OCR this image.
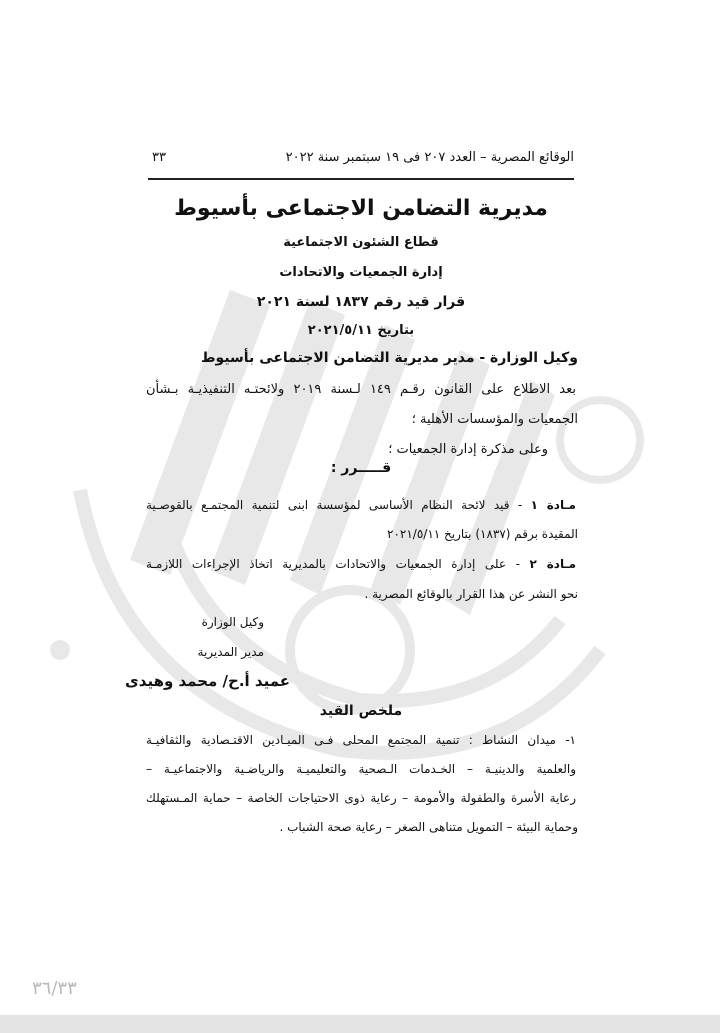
الوقائع المصرية – العدد ٢٠٧ فى ١٩ سبتمبر سنة ٢٠٢٢
٣٣
مديرية التضامن الاجتماعى بأسيوط
قطاع الشئون الاجتماعية
إدارة الجمعيات والاتحادات
قرار قيد رقم ١٨٣٧ لسنة ٢٠٢١
بتاريخ ٢٠٢١/٥/١١
وكيل الوزارة - مدير مديرية التضامن الاجتماعى بأسيوط
بعد الاطلاع على القانون رقـم ١٤٩ لـسنة ٢٠١٩ ولائحتـه التنفيذيـة بـشأن
الجمعيات والمؤسسات الأهلية ؛
وعلى مذكرة إدارة الجمعيات ؛
قـــــرر :
مـادة ١ - قيد لائحة النظام الأساسى لمؤسسة ابنى لتنمية المجتمـع بالقوصـية
المقيدة برقم (١٨٣٧) بتاريخ ٢٠٢١/٥/١١
مـادة ٢ - على إدارة الجمعيات والاتحادات بالمديرية اتخاذ الإجراءات اللازمـة
نحو النشر عن هذا القرار بالوقائع المصرية .
وكيل الوزارة
مدير المديرية
عميد أ.ح/ محمد وهيدى
ملخص القيد
١- ميدان النشاط : تنمية المجتمع المحلى فـى الميـادين الاقتـصادية والثقافيـة
والعلمية والدينيـة – الخـدمات الـصحية والتعليميـة والرياضـية والاجتماعيـة –
رعاية الأسرة والطفولة والأمومة – رعاية ذوى الاحتياجات الخاصة – حماية المـستهلك
وحماية البيئة – التمويل متناهى الصغر – رعاية صحة الشباب .
٣٦/٣٣
